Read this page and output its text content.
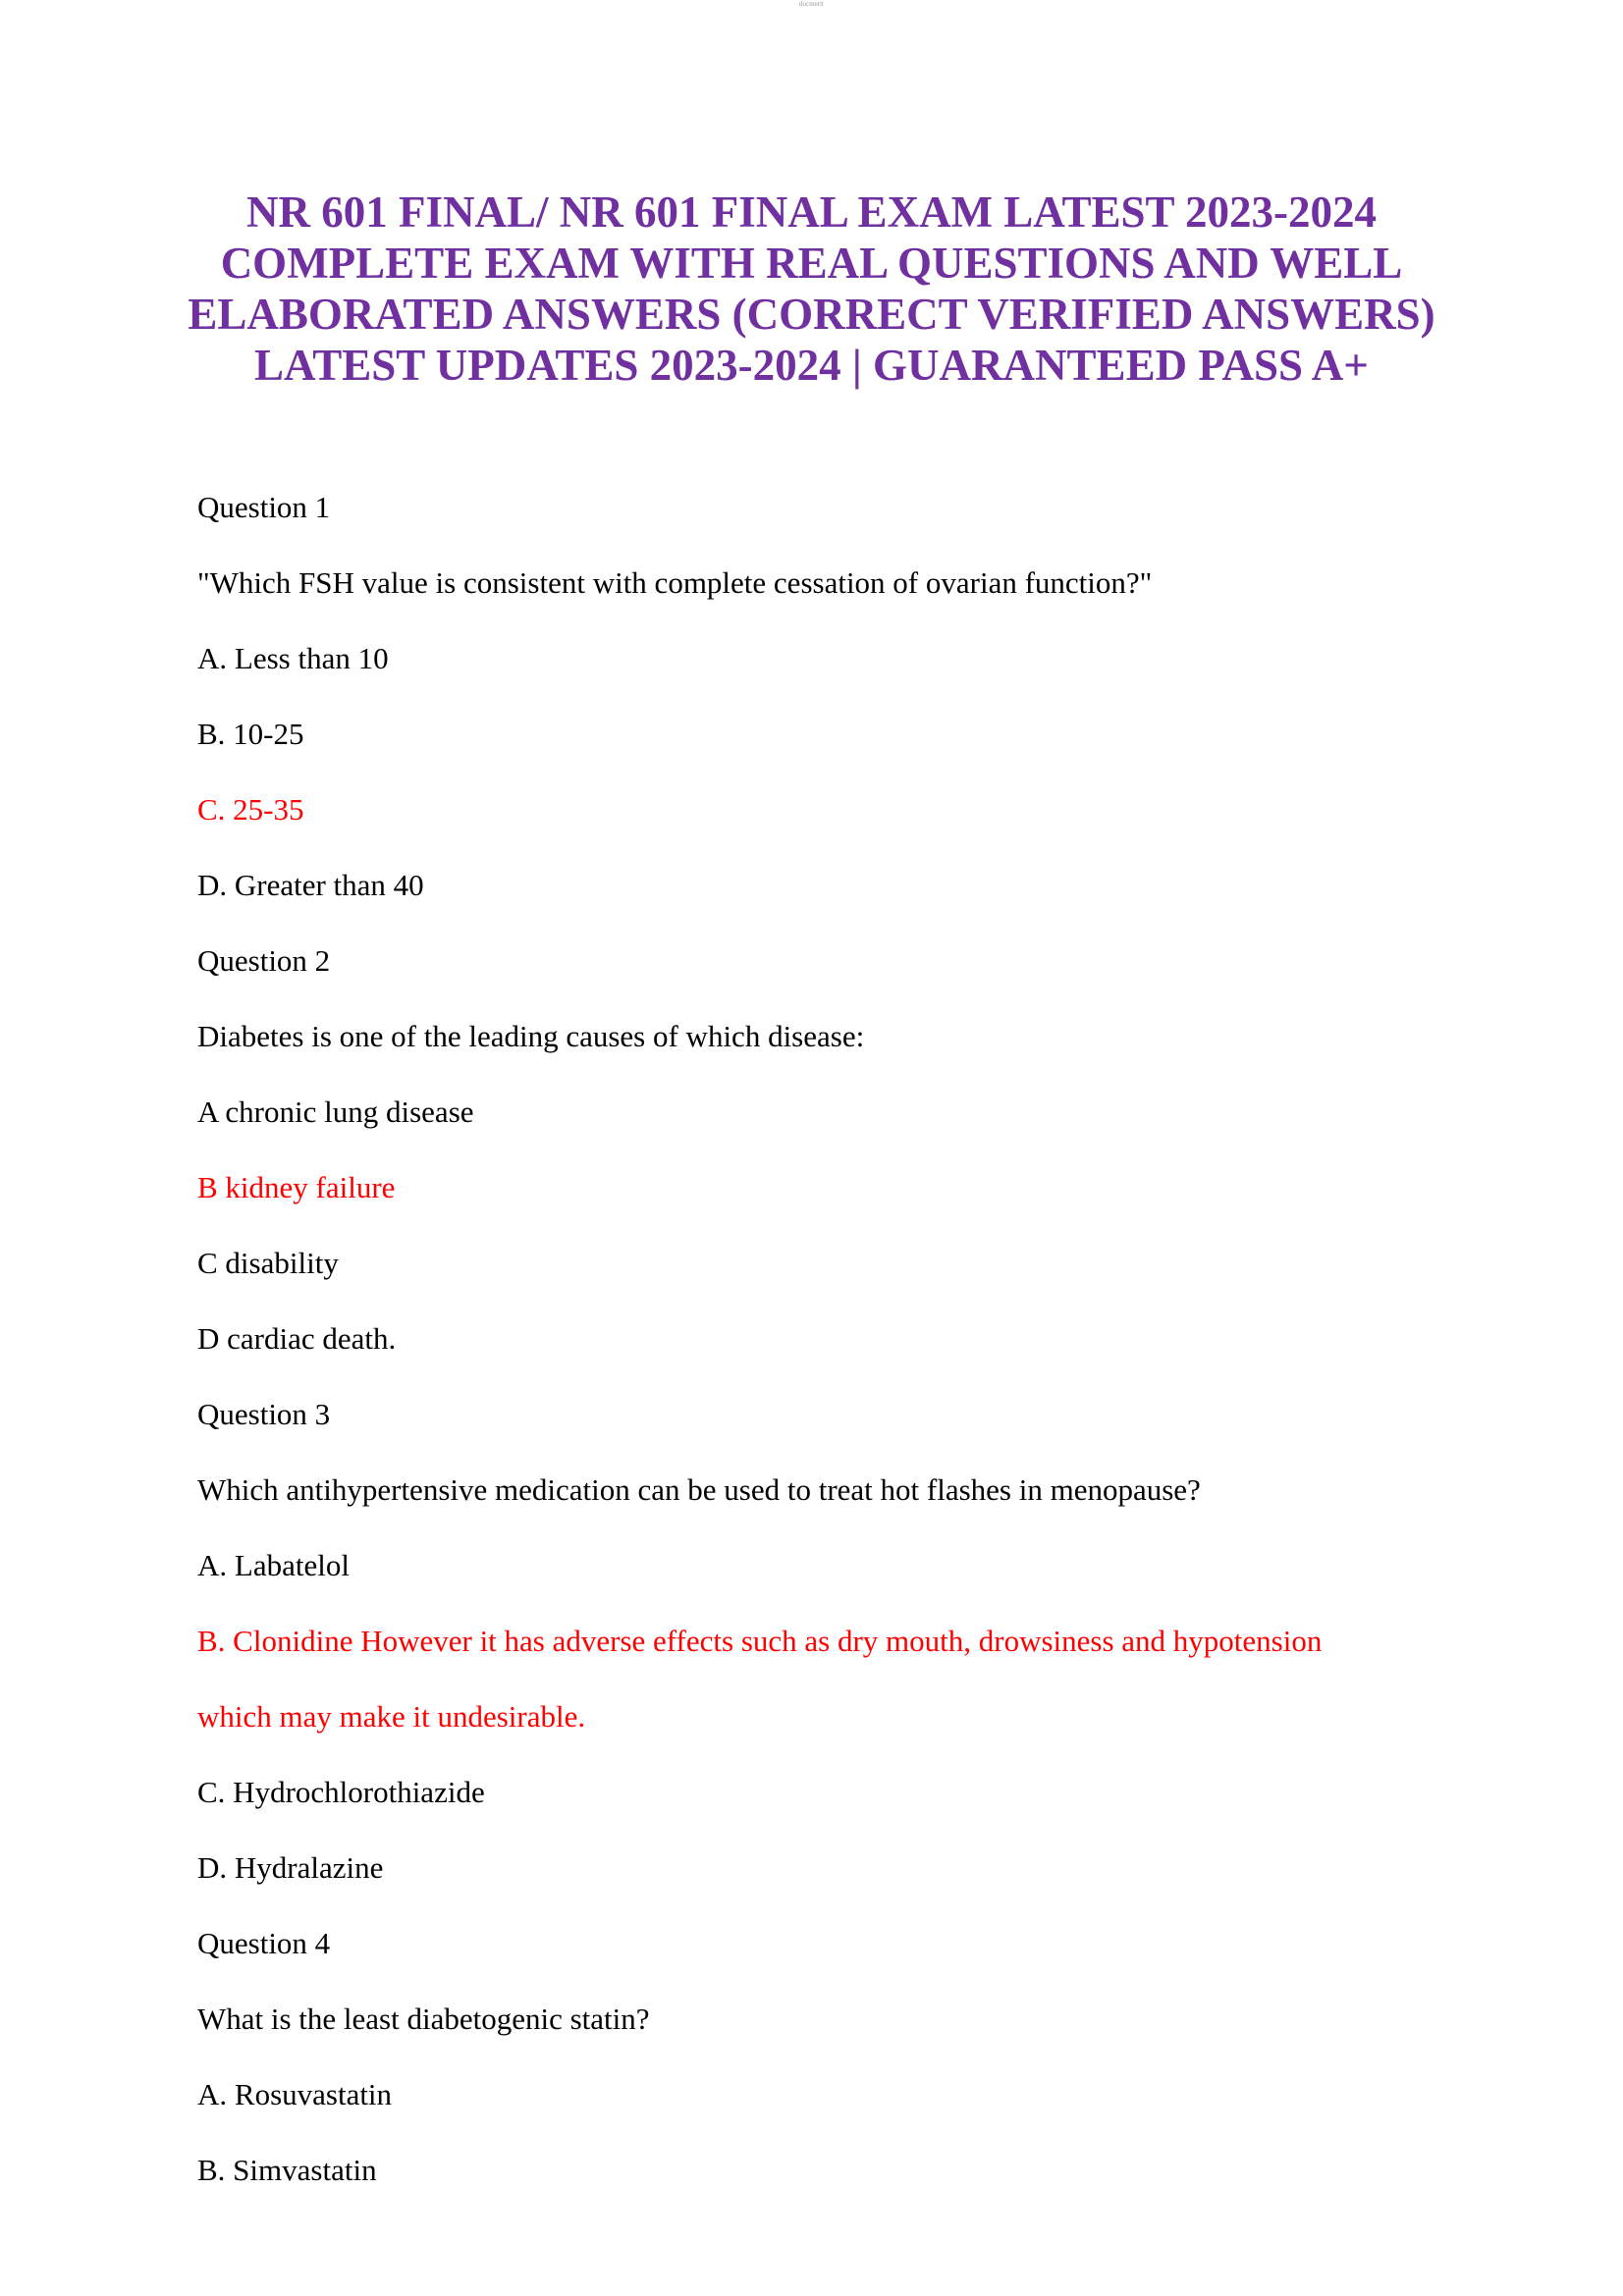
docmerit
NR 601 FINAL/ NR 601 FINAL EXAM LATEST 2023-2024
COMPLETE EXAM WITH REAL QUESTIONS AND WELL
ELABORATED ANSWERS (CORRECT VERIFIED ANSWERS)
LATEST UPDATES 2023-2024 | GUARANTEED PASS A+

Question 1

"Which FSH value is consistent with complete cessation of ovarian function?"

A. Less than 10

B. 10-25

C. 25-35

D. Greater than 40

Question 2

Diabetes is one of the leading causes of which disease:

A chronic lung disease

B kidney failure

C disability

D cardiac death.

Question 3

Which antihypertensive medication can be used to treat hot flashes in menopause?

A. Labatelol

B. Clonidine However it has adverse effects such as dry mouth, drowsiness and hypotension

which may make it undesirable.

C. Hydrochlorothiazide

D. Hydralazine

Question 4

What is the least diabetogenic statin?

A. Rosuvastatin

B. Simvastatin
